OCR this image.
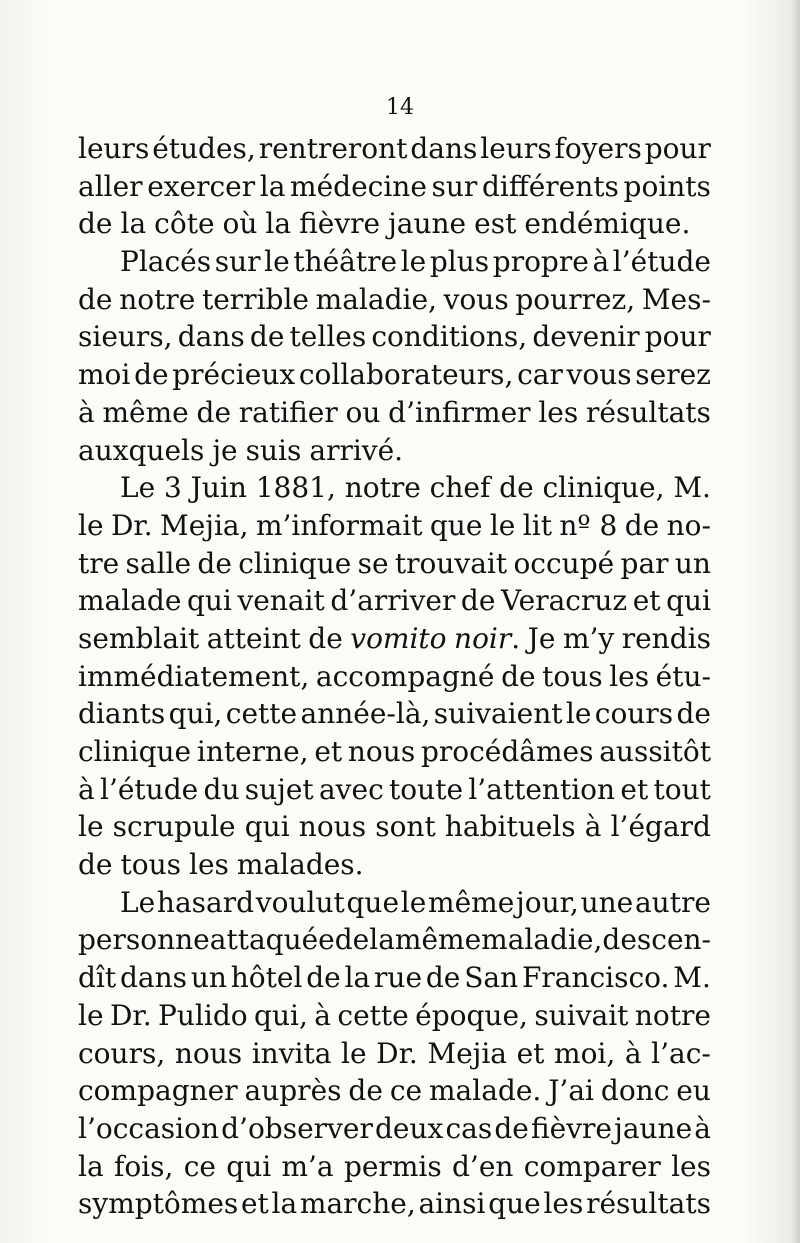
14
leurs études, rentreront dans leurs foyers pour
aller exercer la médecine sur différents points
de la côte où la fièvre jaune est endémique.
Placés sur le théâtre le plus propre à l’étude
de notre terrible maladie, vous pourrez, Mes-
sieurs, dans de telles conditions, devenir pour
moi de précieux collaborateurs, car vous serez
à même de ratifier ou d’infirmer les résultats
auxquels je suis arrivé.
Le 3 Juin 1881, notre chef de clinique, M.
le Dr. Mejia, m’informait que le lit nº 8 de no-
tre salle de clinique se trouvait occupé par un
malade qui venait d’arriver de Veracruz et qui
semblait atteint de vomito noir. Je m’y rendis
immédiatement, accompagné de tous les étu-
diants qui, cette année-là, suivaient le cours de
clinique interne, et nous procédâmes aussitôt
à l’étude du sujet avec toute l’attention et tout
le scrupule qui nous sont habituels à l’égard
de tous les malades.
Le hasard voulut que le même jour, une autre
personne attaquée de la même maladie, descen-
dît dans un hôtel de la rue de San Francisco. M.
le Dr. Pulido qui, à cette époque, suivait notre
cours, nous invita le Dr. Mejia et moi, à l’ac-
compagner auprès de ce malade. J’ai donc eu
l’occasion d’observer deux cas de fièvre jaune à
la fois, ce qui m’a permis d’en comparer les
symptômes et la marche, ainsi que les résultats
